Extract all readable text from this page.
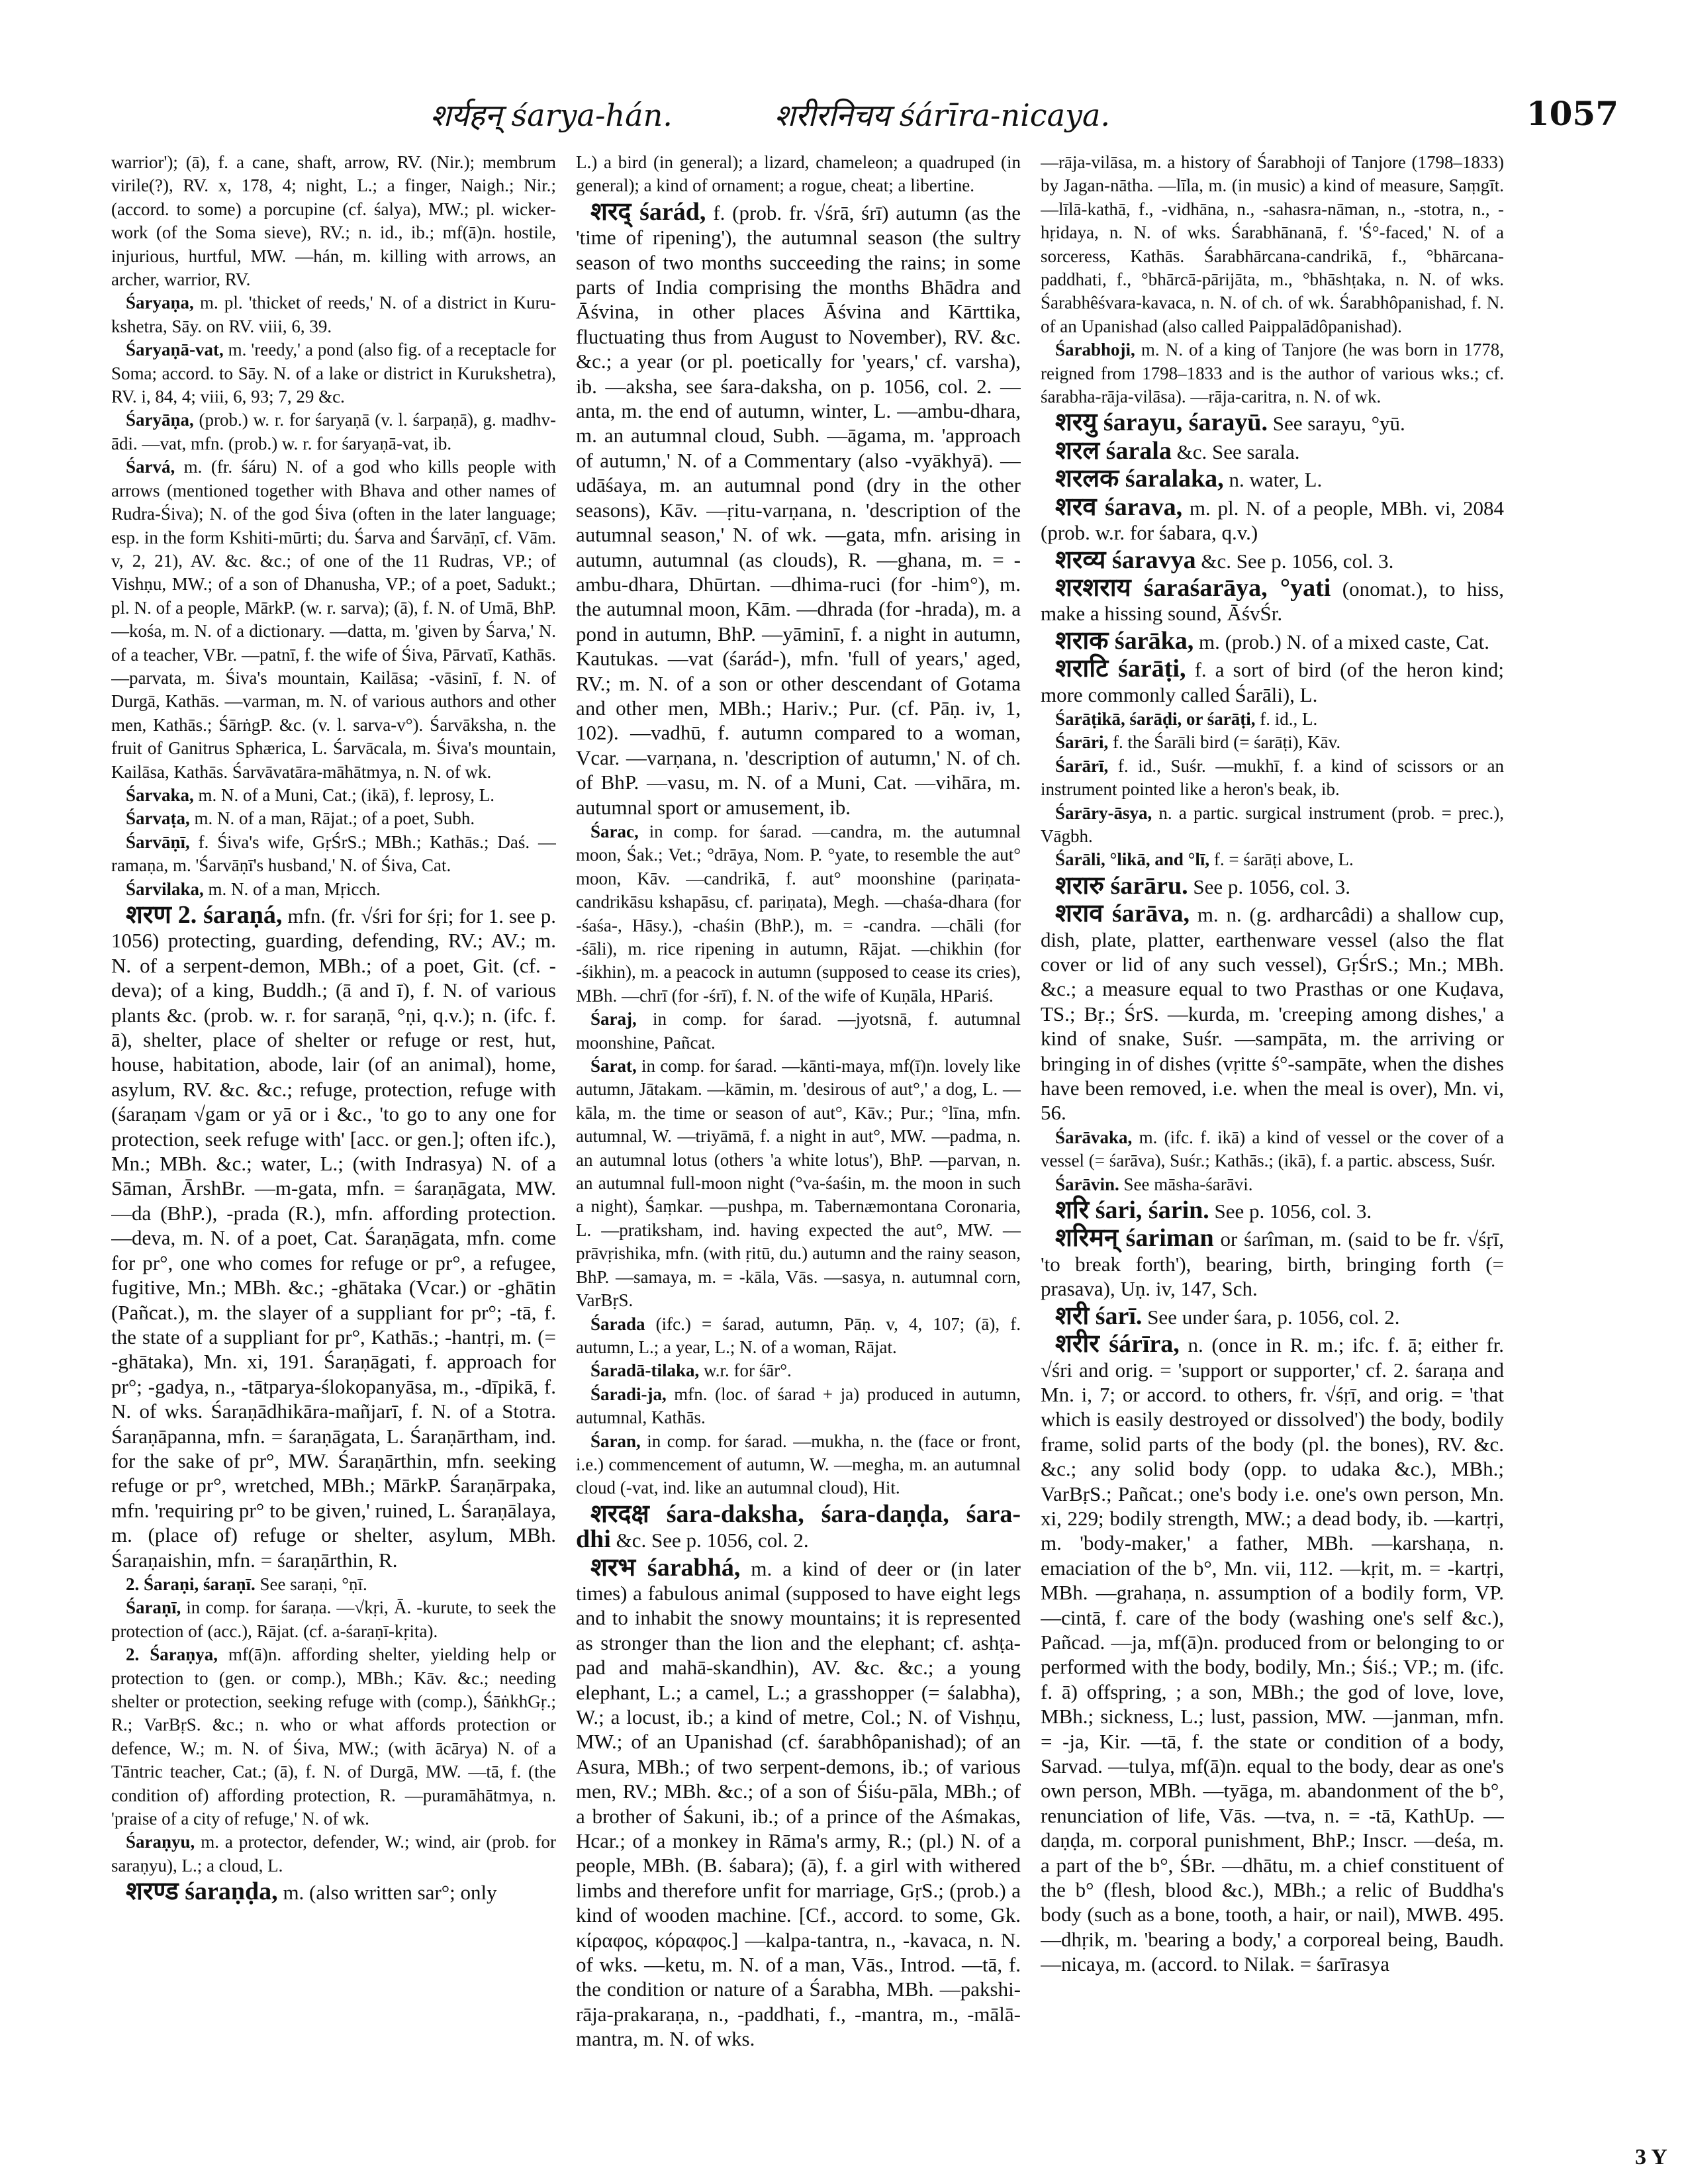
शर्यहन् śarya-hán.	शरीरनिचय śárīra-nicaya.	1057

warrior'); (ā), f. a cane, shaft, arrow, RV. (Nir.); membrum virile(?), RV. x, 178, 4; night, L.; a finger, Naigh.; Nir.; (accord. to some) a porcupine (cf. śalya), MW.; pl. wicker-work (of the Soma sieve), RV.; n. id., ib.; mf(ā)n. hostile, injurious, hurtful, MW. —hán, m. killing with arrows, an archer, warrior, RV.

Śaryaṇa, m. pl. 'thicket of reeds,' N. of a district in Kuru-kshetra, Sāy. on RV. viii, 6, 39.

Śaryaṇā-vat, m. 'reedy,' a pond (also fig. of a receptacle for Soma; accord. to Sāy. N. of a lake or district in Kurukshetra), RV. i, 84, 4; viii, 6, 93; 7, 29 &c.

Śaryāṇa, (prob.) w. r. for śaryaṇā (v. l. śarpaṇā), g. madhv-ādi. —vat, mfn. (prob.) w. r. for śaryaṇā-vat, ib.

Śarvá, m. (fr. śáru) N. of a god who kills people with arrows (mentioned together with Bhava and other names of Rudra-Śiva); N. of the god Śiva (often in the later language; esp. in the form Kshiti-mūrti; du. Śarva and Śarvāṇī, cf. Vām. v, 2, 21), AV. &c. &c.; of one of the 11 Rudras, VP.; of Vishṇu, MW.; of a son of Dhanusha, VP.; of a poet, Sadukt.; pl. N. of a people, MārkP. (w. r. sarva); (ā), f. N. of Umā, BhP. —kośa, m. N. of a dictionary. —datta, m. 'given by Śarva,' N. of a teacher, VBr. —patnī, f. the wife of Śiva, Pārvatī, Kathās. —parvata, m. Śiva's mountain, Kailāsa; -vāsinī, f. N. of Durgā, Kathās. —varman, m. N. of various authors and other men, Kathās.; ŚārṅgP. &c. (v. l. sarva-v°). Śarvāksha, n. the fruit of Ganitrus Sphærica, L. Śarvācala, m. Śiva's mountain, Kailāsa, Kathās. Śarvāvatāra-māhātmya, n. N. of wk.

Śarvaka, m. N. of a Muni, Cat.; (ikā), f. leprosy, L.

Śarvaṭa, m. N. of a man, Rājat.; of a poet, Subh.

Śarvāṇī, f. Śiva's wife, GṛŚrS.; MBh.; Kathās.; Daś. —ramaṇa, m. 'Śarvāṇī's husband,' N. of Śiva, Cat.

Śarvilaka, m. N. of a man, Mṛicch.

शरण 2. śaraṇá, mfn. (fr. √śri for śṛi; for 1. see p. 1056) protecting, guarding, defending, RV.; AV.; m. N. of a serpent-demon, MBh.; of a poet, Git. (cf. -deva); of a king, Buddh.; (ā and ī), f. N. of various plants &c. (prob. w. r. for saraṇā, °ṇi, q.v.); n. (ifc. f. ā), shelter, place of shelter or refuge or rest, hut, house, habitation, abode, lair (of an animal), home, asylum, RV. &c. &c.; refuge, protection, refuge with (śaraṇam √gam or yā or i &c., 'to go to any one for protection, seek refuge with' [acc. or gen.]; often ifc.), Mn.; MBh. &c.; water, L.; (with Indrasya) N. of a Sāman, ĀrshBr. —m-gata, mfn. = śaraṇāgata, MW. —da (BhP.), -prada (R.), mfn. affording protection. —deva, m. N. of a poet, Cat. Śaraṇāgata, mfn. come for pr°, one who comes for refuge or pr°, a refugee, fugitive, Mn.; MBh. &c.; -ghātaka (Vcar.) or -ghātin (Pañcat.), m. the slayer of a suppliant for pr°; -tā, f. the state of a suppliant for pr°, Kathās.; -hantṛi, m. (= -ghātaka), Mn. xi, 191. Śaraṇāgati, f. approach for pr°; -gadya, n., -tātparya-ślokopanyāsa, m., -dīpikā, f. N. of wks. Śaraṇādhikāra-mañjarī, f. N. of a Stotra. Śaraṇāpanna, mfn. = śaraṇāgata, L. Śaraṇārtham, ind. for the sake of pr°, MW. Śaraṇārthin, mfn. seeking refuge or pr°, wretched, MBh.; MārkP. Śaraṇārpaka, mfn. 'requiring pr° to be given,' ruined, L. Śaraṇālaya, m. (place of) refuge or shelter, asylum, MBh. Śaraṇaishin, mfn. = śaraṇārthin, R.

2. Śaraṇi, śaraṇī. See saraṇi, °ṇī.

Śaraṇī, in comp. for śaraṇa. —√kṛi, Ā. -kurute, to seek the protection of (acc.), Rājat. (cf. a-śaraṇī-kṛita).

2. Śaraṇya, mf(ā)n. affording shelter, yielding help or protection to (gen. or comp.), MBh.; Kāv. &c.; needing shelter or protection, seeking refuge with (comp.), ŚāṅkhGṛ.; R.; VarBṛS. &c.; n. who or what affords protection or defence, W.; m. N. of Śiva, MW.; (with ācārya) N. of a Tāntric teacher, Cat.; (ā), f. N. of Durgā, MW. —tā, f. (the condition of) affording protection, R. —puramāhātmya, n. 'praise of a city of refuge,' N. of wk.

Śaraṇyu, m. a protector, defender, W.; wind, air (prob. for saraṇyu), L.; a cloud, L.

शरण्ड śaraṇḍa, m. (also written sar°; only

L.) a bird (in general); a lizard, chameleon; a quadruped (in general); a kind of ornament; a rogue, cheat; a libertine.

शरद् śarád, f. (prob. fr. √śrā, śrī) autumn (as the 'time of ripening'), the autumnal season (the sultry season of two months succeeding the rains; in some parts of India comprising the months Bhādra and Āśvina, in other places Āśvina and Kārttika, fluctuating thus from August to November), RV. &c. &c.; a year (or pl. poetically for 'years,' cf. varsha), ib. —aksha, see śara-daksha, on p. 1056, col. 2. —anta, m. the end of autumn, winter, L. —ambu-dhara, m. an autumnal cloud, Subh. —āgama, m. 'approach of autumn,' N. of a Commentary (also -vyākhyā). —udāśaya, m. an autumnal pond (dry in the other seasons), Kāv. —ṛitu-varṇana, n. 'description of the autumnal season,' N. of wk. —gata, mfn. arising in autumn, autumnal (as clouds), R. —ghana, m. = -ambu-dhara, Dhūrtan. —dhima-ruci (for -him°), m. the autumnal moon, Kām. —dhrada (for -hrada), m. a pond in autumn, BhP. —yāminī, f. a night in autumn, Kautukas. —vat (śarád-), mfn. 'full of years,' aged, RV.; m. N. of a son or other descendant of Gotama and other men, MBh.; Hariv.; Pur. (cf. Pāṇ. iv, 1, 102). —vadhū, f. autumn compared to a woman, Vcar. —varṇana, n. 'description of autumn,' N. of ch. of BhP. —vasu, m. N. of a Muni, Cat. —vihāra, m. autumnal sport or amusement, ib.

Śarac, in comp. for śarad. —candra, m. the autumnal moon, Śak.; Vet.; °drāya, Nom. P. °yate, to resemble the aut° moon, Kāv. —candrikā, f. aut° moonshine (pariṇata-candrikāsu kshapāsu, cf. pariṇata), Megh. —chaśa-dhara (for -śaśa-, Hāsy.), -chaśin (BhP.), m. = -candra. —chāli (for -śāli), m. rice ripening in autumn, Rājat. —chikhin (for -śikhin), m. a peacock in autumn (supposed to cease its cries), MBh. —chrī (for -śrī), f. N. of the wife of Kuṇāla, HPariś.

Śaraj, in comp. for śarad. —jyotsnā, f. autumnal moonshine, Pañcat.

Śarat, in comp. for śarad. —kānti-maya, mf(ī)n. lovely like autumn, Jātakam. —kāmin, m. 'desirous of aut°,' a dog, L. —kāla, m. the time or season of aut°, Kāv.; Pur.; °līna, mfn. autumnal, W. —triyāmā, f. a night in aut°, MW. —padma, n. an autumnal lotus (others 'a white lotus'), BhP. —parvan, n. an autumnal full-moon night (°va-śaśin, m. the moon in such a night), Śaṃkar. —pushpa, m. Tabernæmontana Coronaria, L. —pratiksham, ind. having expected the aut°, MW. —prāvṛishika, mfn. (with ṛitū, du.) autumn and the rainy season, BhP. —samaya, m. = -kāla, Vās. —sasya, n. autumnal corn, VarBṛS.

Śarada (ifc.) = śarad, autumn, Pāṇ. v, 4, 107; (ā), f. autumn, L.; a year, L.; N. of a woman, Rājat.

Śaradā-tilaka, w.r. for śār°.

Śaradi-ja, mfn. (loc. of śarad + ja) produced in autumn, autumnal, Kathās.

Śaran, in comp. for śarad. —mukha, n. the (face or front, i.e.) commencement of autumn, W. —megha, m. an autumnal cloud (-vat, ind. like an autumnal cloud), Hit.

शरदक्ष śara-daksha, śara-daṇḍa, śara-dhi &c. See p. 1056, col. 2.

शरभ śarabhá, m. a kind of deer or (in later times) a fabulous animal (supposed to have eight legs and to inhabit the snowy mountains; it is represented as stronger than the lion and the elephant; cf. ashṭa-pad and mahā-skandhin), AV. &c. &c.; a young elephant, L.; a camel, L.; a grasshopper (= śalabha), W.; a locust, ib.; a kind of metre, Col.; N. of Vishṇu, MW.; of an Upanishad (cf. śarabhôpanishad); of an Asura, MBh.; of two serpent-demons, ib.; of various men, RV.; MBh. &c.; of a son of Śiśu-pāla, MBh.; of a brother of Śakuni, ib.; of a prince of the Aśmakas, Hcar.; of a monkey in Rāma's army, R.; (pl.) N. of a people, MBh. (B. śabara); (ā), f. a girl with withered limbs and therefore unfit for marriage, GṛS.; (prob.) a kind of wooden machine. [Cf., accord. to some, Gk. κίραφος, κόραφος.] —kalpa-tantra, n., -kavaca, n. N. of wks. —ketu, m. N. of a man, Vās., Introd. —tā, f. the condition or nature of a Śarabha, MBh. —pakshi-rāja-prakaraṇa, n., -paddhati, f., -mantra, m., -mālā-mantra, m. N. of wks.

—rāja-vilāsa, m. a history of Śarabhoji of Tanjore (1798–1833) by Jagan-nātha. —līla, m. (in music) a kind of measure, Saṃgīt. —līlā-kathā, f., -vidhāna, n., -sahasra-nāman, n., -stotra, n., -hṛidaya, n. N. of wks. Śarabhānanā, f. 'Ś°-faced,' N. of a sorceress, Kathās. Śarabhārcana-candrikā, f., °bhārcana-paddhati, f., °bhārcā-pārijāta, m., °bhāshṭaka, n. N. of wks. Śarabhêśvara-kavaca, n. N. of ch. of wk. Śarabhôpanishad, f. N. of an Upanishad (also called Paippalādôpanishad).

Śarabhoji, m. N. of a king of Tanjore (he was born in 1778, reigned from 1798–1833 and is the author of various wks.; cf. śarabha-rāja-vilāsa). —rāja-caritra, n. N. of wk.

शरयु śarayu, śarayū. See sarayu, °yū.

शरल śarala &c. See sarala.

शरलक śaralaka, n. water, L.

शरव śarava, m. pl. N. of a people, MBh. vi, 2084 (prob. w.r. for śabara, q.v.)

शरव्य śaravya &c. See p. 1056, col. 3.

शरशराय śaraśarāya, °yati (onomat.), to hiss, make a hissing sound, ĀśvŚr.

शराक śarāka, m. (prob.) N. of a mixed caste, Cat.

शराटि śarāṭi, f. a sort of bird (of the heron kind; more commonly called Śarāli), L.

Śarāṭikā, śarāḍi, or śarāṭi, f. id., L.

Śarāri, f. the Śarāli bird (= śarāṭi), Kāv.

Śarārī, f. id., Suśr. —mukhī, f. a kind of scissors or an instrument pointed like a heron's beak, ib.

Śarāry-āsya, n. a partic. surgical instrument (prob. = prec.), Vāgbh.

Śarāli, °likā, and °lī, f. = śarāṭi above, L.

शरारु śarāru. See p. 1056, col. 3.

शराव śarāva, m. n. (g. ardharcâdi) a shallow cup, dish, plate, platter, earthenware vessel (also the flat cover or lid of any such vessel), GṛŚrS.; Mn.; MBh. &c.; a measure equal to two Prasthas or one Kuḍava, TS.; Bṛ.; ŚrS. —kurda, m. 'creeping among dishes,' a kind of snake, Suśr. —sampāta, m. the arriving or bringing in of dishes (vṛitte ś°-sampāte, when the dishes have been removed, i.e. when the meal is over), Mn. vi, 56.

Śarāvaka, m. (ifc. f. ikā) a kind of vessel or the cover of a vessel (= śarāva), Suśr.; Kathās.; (ikā), f. a partic. abscess, Suśr.

Śarāvin. See māsha-śarāvi.

शरि śari, śarin. See p. 1056, col. 3.

शरिमन् śariman or śarîman, m. (said to be fr. √śṛī, 'to break forth'), bearing, birth, bringing forth (= prasava), Uṇ. iv, 147, Sch.

शरी śarī. See under śara, p. 1056, col. 2.

शरीर śárīra, n. (once in R. m.; ifc. f. ā; either fr. √śri and orig. = 'support or supporter,' cf. 2. śaraṇa and Mn. i, 7; or accord. to others, fr. √śṛī, and orig. = 'that which is easily destroyed or dissolved') the body, bodily frame, solid parts of the body (pl. the bones), RV. &c. &c.; any solid body (opp. to udaka &c.), MBh.; VarBṛS.; Pañcat.; one's body i.e. one's own person, Mn. xi, 229; bodily strength, MW.; a dead body, ib. —kartṛi, m. 'body-maker,' a father, MBh. —karshaṇa, n. emaciation of the b°, Mn. vii, 112. —kṛit, m. = -kartṛi, MBh. —grahaṇa, n. assumption of a bodily form, VP. —cintā, f. care of the body (washing one's self &c.), Pañcad. —ja, mf(ā)n. produced from or belonging to or performed with the body, bodily, Mn.; Śiś.; VP.; m. (ifc. f. ā) offspring, ; a son, MBh.; the god of love, love, MBh.; sickness, L.; lust, passion, MW. —janman, mfn. = -ja, Kir. —tā, f. the state or condition of a body, Sarvad. —tulya, mf(ā)n. equal to the body, dear as one's own person, MBh. —tyāga, m. abandonment of the b°, renunciation of life, Vās. —tva, n. = -tā, KathUp. —daṇḍa, m. corporal punishment, BhP.; Inscr. —deśa, m. a part of the b°, ŚBr. —dhātu, m. a chief constituent of the b° (flesh, blood &c.), MBh.; a relic of Buddha's body (such as a bone, tooth, a hair, or nail), MWB. 495. —dhṛik, m. 'bearing a body,' a corporeal being, Baudh. —nicaya, m. (accord. to Nilak. = śarīrasya

3 Y
